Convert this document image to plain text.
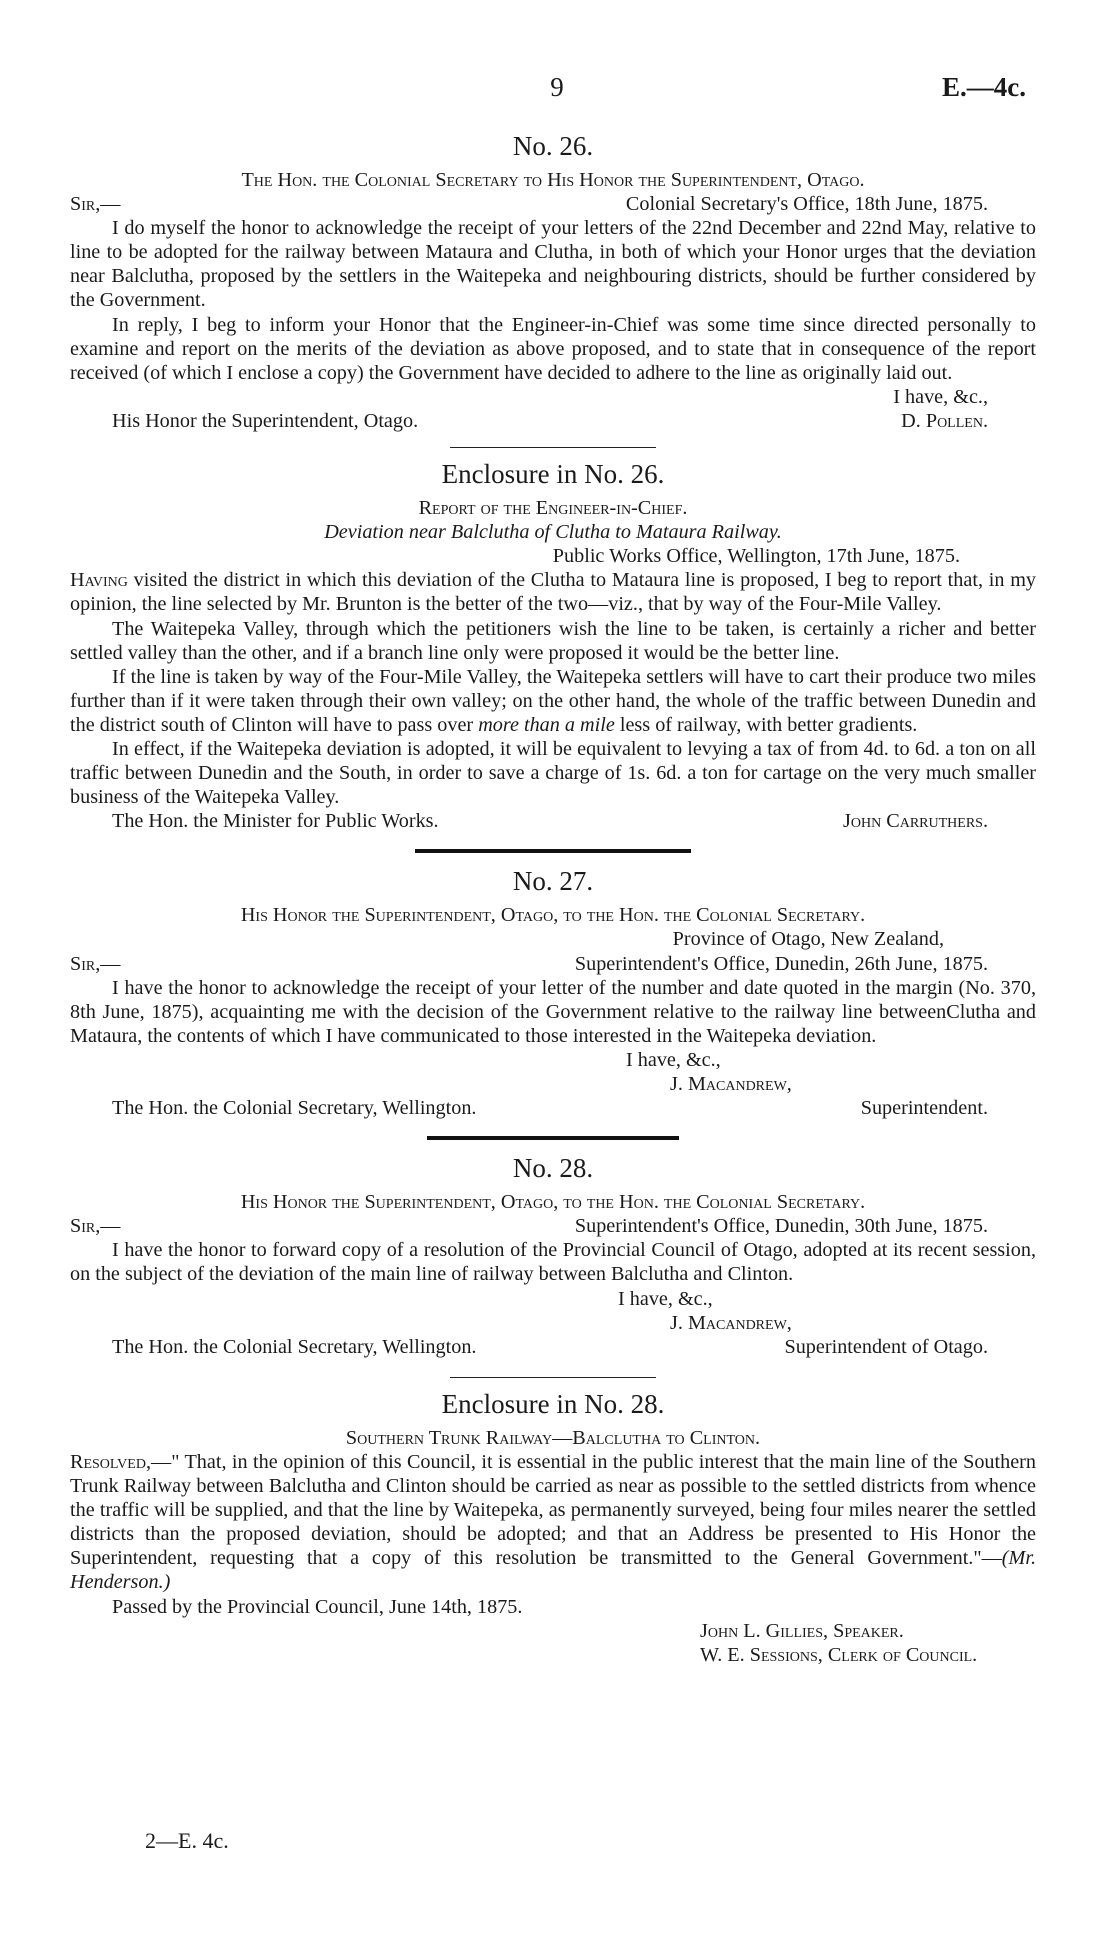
9	E.—4c.

No. 26.

The Hon. the Colonial Secretary to His Honor the Superintendent, Otago.

Sir,—	Colonial Secretary's Office, 18th June, 1875.

I do myself the honor to acknowledge the receipt of your letters of the 22nd December and 22nd May, relative to line to be adopted for the railway between Mataura and Clutha, in both of which your Honor urges that the deviation near Balclutha, proposed by the settlers in the Waitepeka and neighbouring districts, should be further considered by the Government.

In reply, I beg to inform your Honor that the Engineer-in-Chief was some time since directed personally to examine and report on the merits of the deviation as above proposed, and to state that in consequence of the report received (of which I enclose a copy) the Government have decided to adhere to the line as originally laid out.

I have, &c.,

His Honor the Superintendent, Otago.	D. Pollen.

Enclosure in No. 26.

Report of the Engineer-in-Chief.

Deviation near Balclutha of Clutha to Mataura Railway.

Public Works Office, Wellington, 17th June, 1875.

Having visited the district in which this deviation of the Clutha to Mataura line is proposed, I beg to report that, in my opinion, the line selected by Mr. Brunton is the better of the two—viz., that by way of the Four-Mile Valley.

The Waitepeka Valley, through which the petitioners wish the line to be taken, is certainly a richer and better settled valley than the other, and if a branch line only were proposed it would be the better line.

If the line is taken by way of the Four-Mile Valley, the Waitepeka settlers will have to cart their produce two miles further than if it were taken through their own valley; on the other hand, the whole of the traffic between Dunedin and the district south of Clinton will have to pass over more than a mile less of railway, with better gradients.

In effect, if the Waitepeka deviation is adopted, it will be equivalent to levying a tax of from 4d. to 6d. a ton on all traffic between Dunedin and the South, in order to save a charge of 1s. 6d. a ton for cartage on the very much smaller business of the Waitepeka Valley.

The Hon. the Minister for Public Works.	John Carruthers.

No. 27.

His Honor the Superintendent, Otago, to the Hon. the Colonial Secretary.

Province of Otago, New Zealand,

Sir,—	Superintendent's Office, Dunedin, 26th June, 1875.

I have the honor to acknowledge the receipt of your letter of the number and date quoted in the margin (No. 370, 8th June, 1875), acquainting me with the decision of the Government relative to the railway line betweenClutha and Mataura, the contents of which I have communicated to those interested in the Waitepeka deviation.

I have, &c.,

J. Macandrew,

The Hon. the Colonial Secretary, Wellington.	Superintendent.

No. 28.

His Honor the Superintendent, Otago, to the Hon. the Colonial Secretary.

Sir,—	Superintendent's Office, Dunedin, 30th June, 1875.

I have the honor to forward copy of a resolution of the Provincial Council of Otago, adopted at its recent session, on the subject of the deviation of the main line of railway between Balclutha and Clinton.

I have, &c.,

J. Macandrew,

The Hon. the Colonial Secretary, Wellington.	Superintendent of Otago.

Enclosure in No. 28.

Southern Trunk Railway—Balclutha to Clinton.

Resolved,—" That, in the opinion of this Council, it is essential in the public interest that the main line of the Southern Trunk Railway between Balclutha and Clinton should be carried as near as possible to the settled districts from whence the traffic will be supplied, and that the line by Waitepeka, as permanently surveyed, being four miles nearer the settled districts than the proposed deviation, should be adopted; and that an Address be presented to His Honor the Superintendent, requesting that a copy of this resolution be transmitted to the General Government."—(Mr. Henderson.)

Passed by the Provincial Council, June 14th, 1875.

John L. Gillies, Speaker.

W. E. Sessions, Clerk of Council.

2—E. 4c.
